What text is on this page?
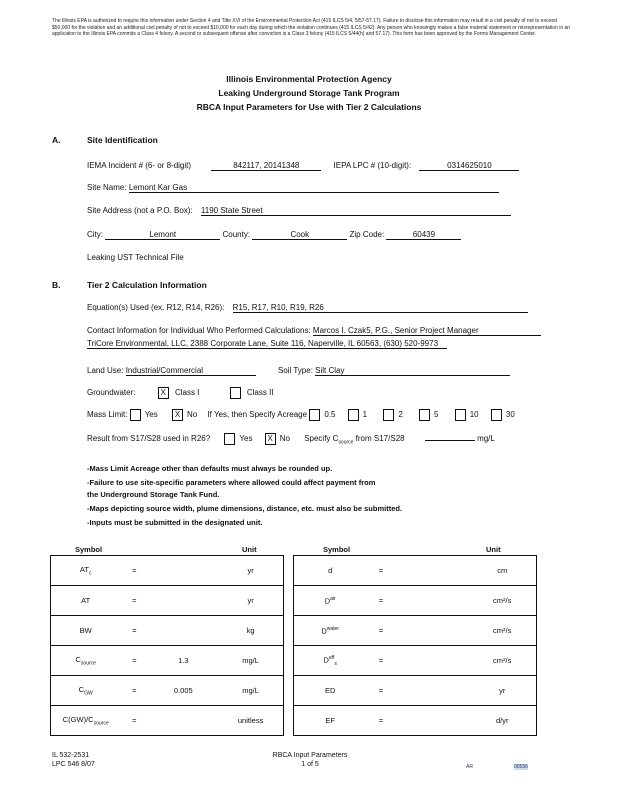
The Illinois EPA is authorized to require this information under Section 4 and Title XVI of the Environmental Protection Act (415 ILCS 5/4, 5/57-57.17). Failure to disclose this information may result in a civil penalty of not to exceed $50,000 for the violation and an additional civil penalty of not to exceed $10,000 for each day during which the violation continues (415 ILCS 5/42). Any person who knowingly makes a false material statement or misrepresentation in an application to the Illinois EPA commits a Class 4 felony. A second or subsequent offense after conviction is a Class 3 felony (415 ILCS 5/44(h) and 57.17). This form has been approved by the Forms Management Center.
Illinois Environmental Protection Agency
Leaking Underground Storage Tank Program
RBCA Input Parameters for Use with Tier 2 Calculations
A.	Site Identification
IEMA Incident # (6- or 8-digit)	842117, 20141348	IEPA LPC # (10-digit):	0314625010
Site Name: Lemont Kar Gas
Site Address (not a P.O. Box): 1190 State Street
City:	Lemont	County:	Cook	Zip Code:	60439
Leaking UST Technical File
B.	Tier 2 Calculation Information
Equation(s) Used (ex. R12, R14, R26): R15, R17, R10, R19, R26
Contact Information for Individual Who Performed Calculations: Marcos I. Czak5, P.G., Senior Project Manager
TriCore Environmental, LLC, 2388 Corporate Lane, Suite 116, Naperville, IL 60563, (630) 520-9973
Land Use: Industrial/Commercial	Soil Type: Silt Clay
Groundwater:	X Class I	Class II
Mass Limit: Yes X No If Yes, then Specify Acreage 0.5	1	2	5	10	30
Result from S17/S28 used in R26?	Yes X No Specify $C_{source}$ from S17/S28	mg/L
-Mass Limit Acreage other than defaults must always be rounded up.
-Failure to use site-specific parameters where allowed could affect payment from
the Underground Storage Tank Fund.
-Maps depicting source width, plume dimensions, distance, etc. must also be submitted.
-Inputs must be submitted in the designated unit.
Symbol	Unit	Symbol	Unit
$AT_c$	=		yr
AT	=		yr
BW	=		kg
$C_{source}$	=	1.3	mg/L
$C_{GW}$	=	0.005	mg/L
$C(GW)/C_{source}$	=		unitless
d	=		cm
$D^{air}$	=		cm²/s
$D^{water}$	=		cm²/s
$D^{eff}_s$	=		cm²/s
ED	=		yr
EF	=		d/yr
IL 532-2531
LPC 546 8/07
RBCA Input Parameters
1 of 5	AR	00556
